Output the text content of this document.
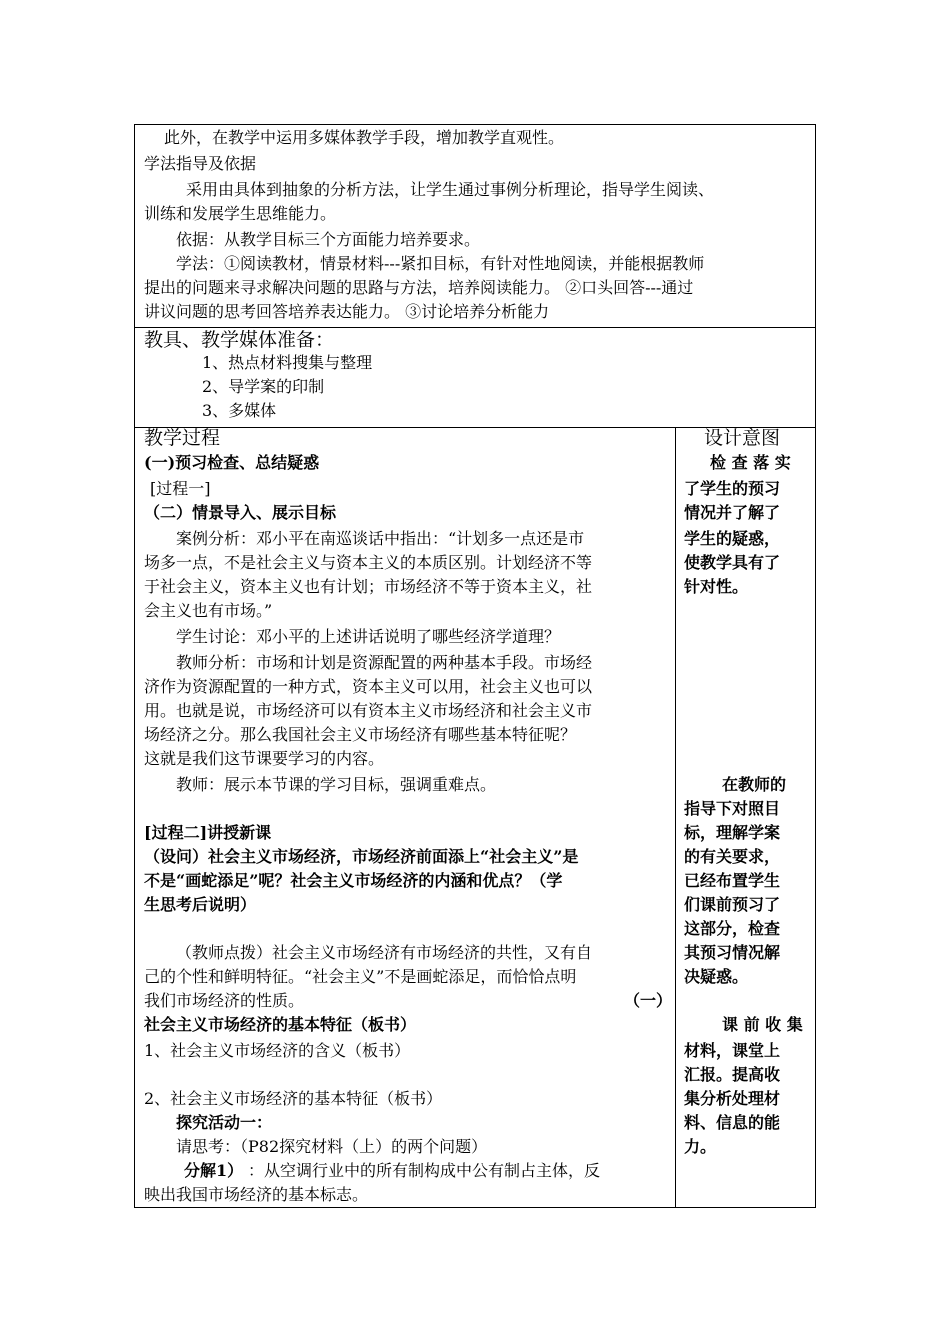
此外，在教学中运用多媒体教学手段，增加教学直观性。
学法指导及依据
采用由具体到抽象的分析方法，让学生通过事例分析理论，指导学生阅读、
训练和发展学生思维能力。
依据：从教学目标三个方面能力培养要求。
学法：①阅读教材，情景材料---紧扣目标，有针对性地阅读，并能根据教师
提出的问题来寻求解决问题的思路与方法，培养阅读能力。 ②口头回答---通过
讲议问题的思考回答培养表达能力。 ③讨论培养分析能力
教具、教学媒体准备：
1、热点材料搜集与整理
2、导学案的印制
3、多媒体
教学过程
(一)预习检查、总结疑惑
[过程一]
（二）情景导入、展示目标
案例分析：邓小平在南巡谈话中指出：“计划多一点还是市
场多一点，不是社会主义与资本主义的本质区别。计划经济不等
于社会主义，资本主义也有计划；市场经济不等于资本主义，社
会主义也有市场。”
学生讨论：邓小平的上述讲话说明了哪些经济学道理？
教师分析：市场和计划是资源配置的两种基本手段。市场经
济作为资源配置的一种方式，资本主义可以用，社会主义也可以
用。也就是说，市场经济可以有资本主义市场经济和社会主义市
场经济之分。那么我国社会主义市场经济有哪些基本特征呢？
这就是我们这节课要学习的内容。
教师：展示本节课的学习目标，强调重难点。
[过程二]讲授新课
（设问）社会主义市场经济，市场经济前面添上“社会主义”是
不是“画蛇添足”呢？社会主义市场经济的内涵和优点？（学
生思考后说明）
（教师点拨）社会主义市场经济有市场经济的共性，又有自
己的个性和鲜明特征。“社会主义”不是画蛇添足，而恰恰点明
我们市场经济的性质。	（一）
社会主义市场经济的基本特征（板书）
1、社会主义市场经济的含义（板书）
2、社会主义市场经济的基本特征（板书）
探究活动一：
请思考：（P82探究材料（上）的两个问题）
分解1） ：从空调行业中的所有制构成中公有制占主体，反
映出我国市场经济的基本标志。
设计意图
检 查 落 实
了学生的预习
情况并了解了
学生的疑惑，
使教学具有了
针对性。
在教师的
指导下对照目
标，理解学案
的有关要求，
已经布置学生
们课前预习了
这部分，检查
其预习情况解
决疑惑。
课 前 收 集
材料，课堂上
汇报。提高收
集分析处理材
料、信息的能
力。
